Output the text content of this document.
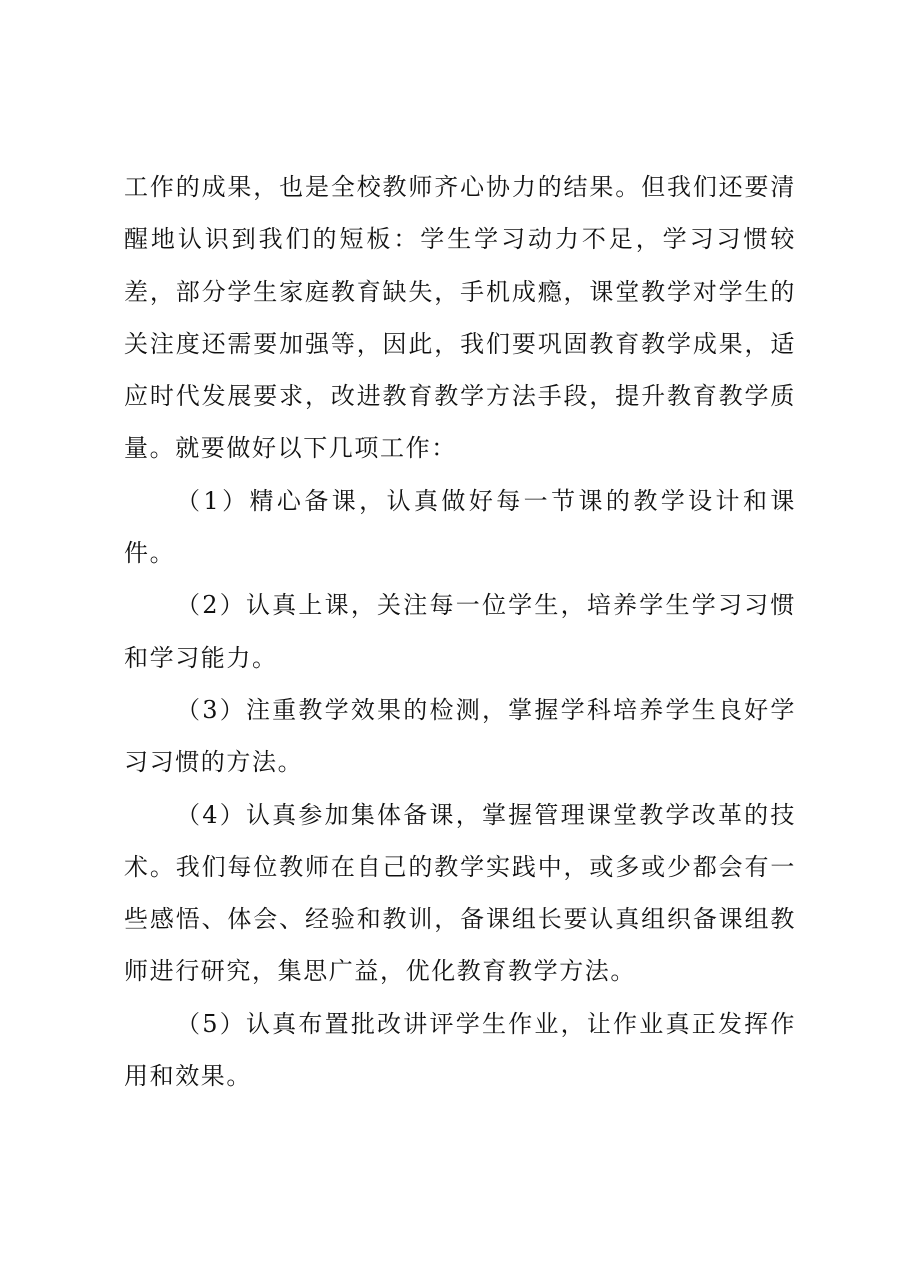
工作的成果，也是全校教师齐心协力的结果。但我们还要清醒地认识到我们的短板：学生学习动力不足，学习习惯较差，部分学生家庭教育缺失，手机成瘾，课堂教学对学生的关注度还需要加强等，因此，我们要巩固教育教学成果，适应时代发展要求，改进教育教学方法手段，提升教育教学质量。就要做好以下几项工作：

（1）精心备课，认真做好每一节课的教学设计和课件。

（2）认真上课，关注每一位学生，培养学生学习习惯和学习能力。

（3）注重教学效果的检测，掌握学科培养学生良好学习习惯的方法。

（4）认真参加集体备课，掌握管理课堂教学改革的技术。我们每位教师在自己的教学实践中，或多或少都会有一些感悟、体会、经验和教训，备课组长要认真组织备课组教师进行研究，集思广益，优化教育教学方法。

（5）认真布置批改讲评学生作业，让作业真正发挥作用和效果。
